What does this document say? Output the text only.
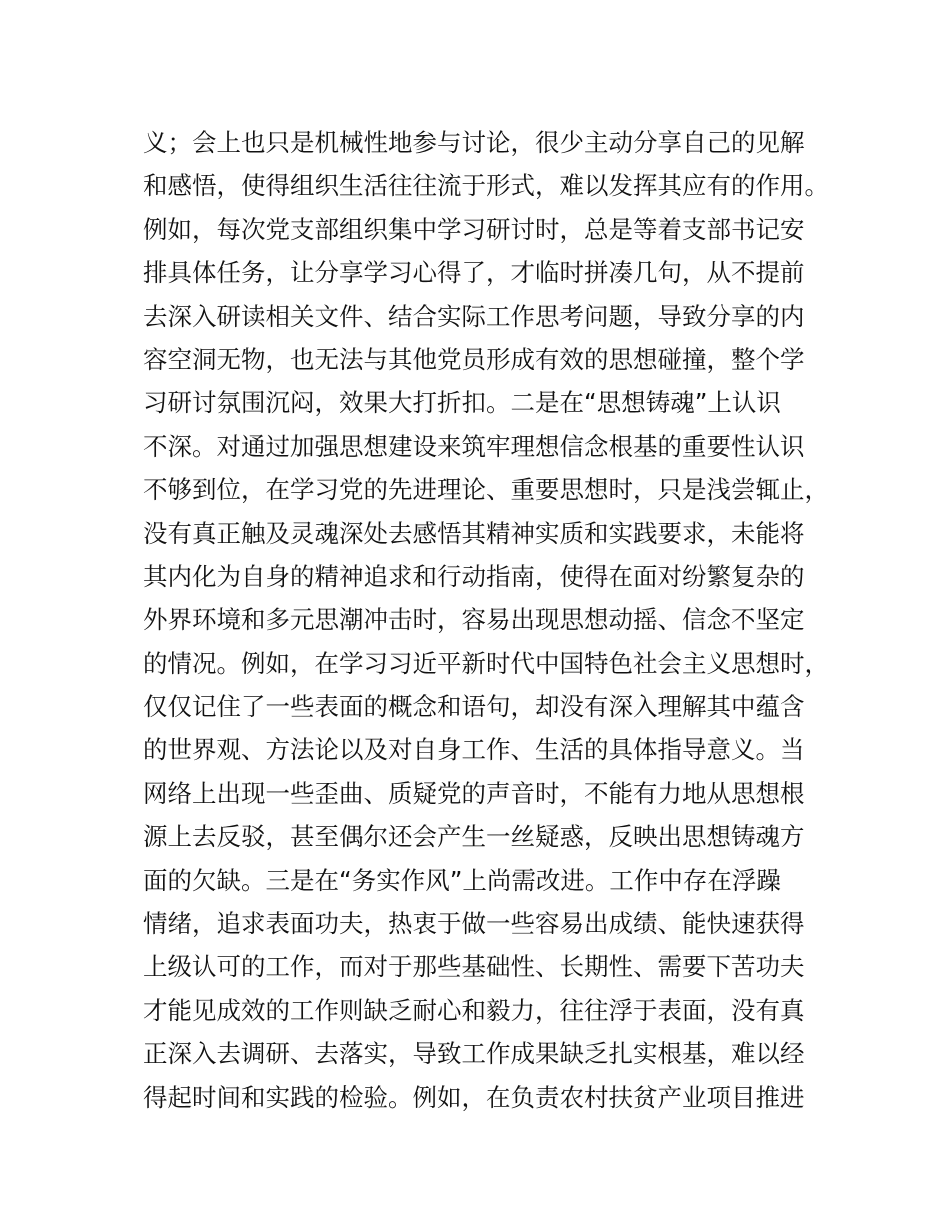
义；会上也只是机械性地参与讨论，很少主动分享自己的见解
和感悟，使得组织生活往往流于形式，难以发挥其应有的作用。
例如，每次党支部组织集中学习研讨时，总是等着支部书记安
排具体任务，让分享学习心得了，才临时拼凑几句，从不提前
去深入研读相关文件、结合实际工作思考问题，导致分享的内
容空洞无物，也无法与其他党员形成有效的思想碰撞，整个学
习研讨氛围沉闷，效果大打折扣。二是在“思想铸魂”上认识
不深。对通过加强思想建设来筑牢理想信念根基的重要性认识
不够到位，在学习党的先进理论、重要思想时，只是浅尝辄止，
没有真正触及灵魂深处去感悟其精神实质和实践要求，未能将
其内化为自身的精神追求和行动指南，使得在面对纷繁复杂的
外界环境和多元思潮冲击时，容易出现思想动摇、信念不坚定
的情况。例如，在学习习近平新时代中国特色社会主义思想时，
仅仅记住了一些表面的概念和语句，却没有深入理解其中蕴含
的世界观、方法论以及对自身工作、生活的具体指导意义。当
网络上出现一些歪曲、质疑党的声音时，不能有力地从思想根
源上去反驳，甚至偶尔还会产生一丝疑惑，反映出思想铸魂方
面的欠缺。三是在“务实作风”上尚需改进。工作中存在浮躁
情绪，追求表面功夫，热衷于做一些容易出成绩、能快速获得
上级认可的工作，而对于那些基础性、长期性、需要下苦功夫
才能见成效的工作则缺乏耐心和毅力，往往浮于表面，没有真
正深入去调研、去落实，导致工作成果缺乏扎实根基，难以经
得起时间和实践的检验。例如，在负责农村扶贫产业项目推进
